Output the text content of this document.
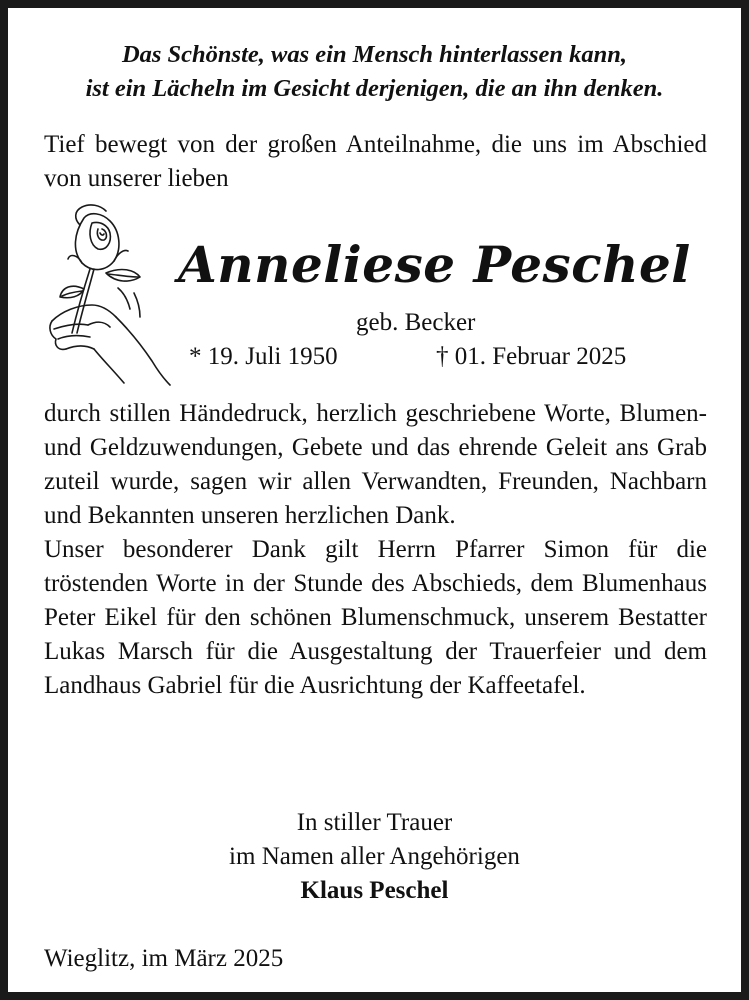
Das Schönste, was ein Mensch hinterlassen kann,
ist ein Lächeln im Gesicht derjenigen, die an ihn denken.
Tief bewegt von der großen Anteilnahme, die uns im Abschied von unserer lieben
Anneliese Peschel
geb. Becker
* 19. Juli 1950	† 01. Februar 2025

durch stillen Händedruck, herzlich geschriebene Worte, Blumen- und Geldzuwendungen, Gebete und das ehrende Geleit ans Grab zuteil wurde, sagen wir allen Verwandten, Freunden, Nachbarn und Bekannten unseren herzlichen Dank.

Unser besonderer Dank gilt Herrn Pfarrer Simon für die tröstenden Worte in der Stunde des Abschieds, dem Blumenhaus Peter Eikel für den schönen Blumenschmuck, unserem Bestatter Lukas Marsch für die Ausgestaltung der Trauerfeier und dem Landhaus Gabriel für die Ausrichtung der Kaffeetafel.

In stiller Trauer
im Namen aller Angehörigen
Klaus Peschel
Wieglitz, im März 2025
